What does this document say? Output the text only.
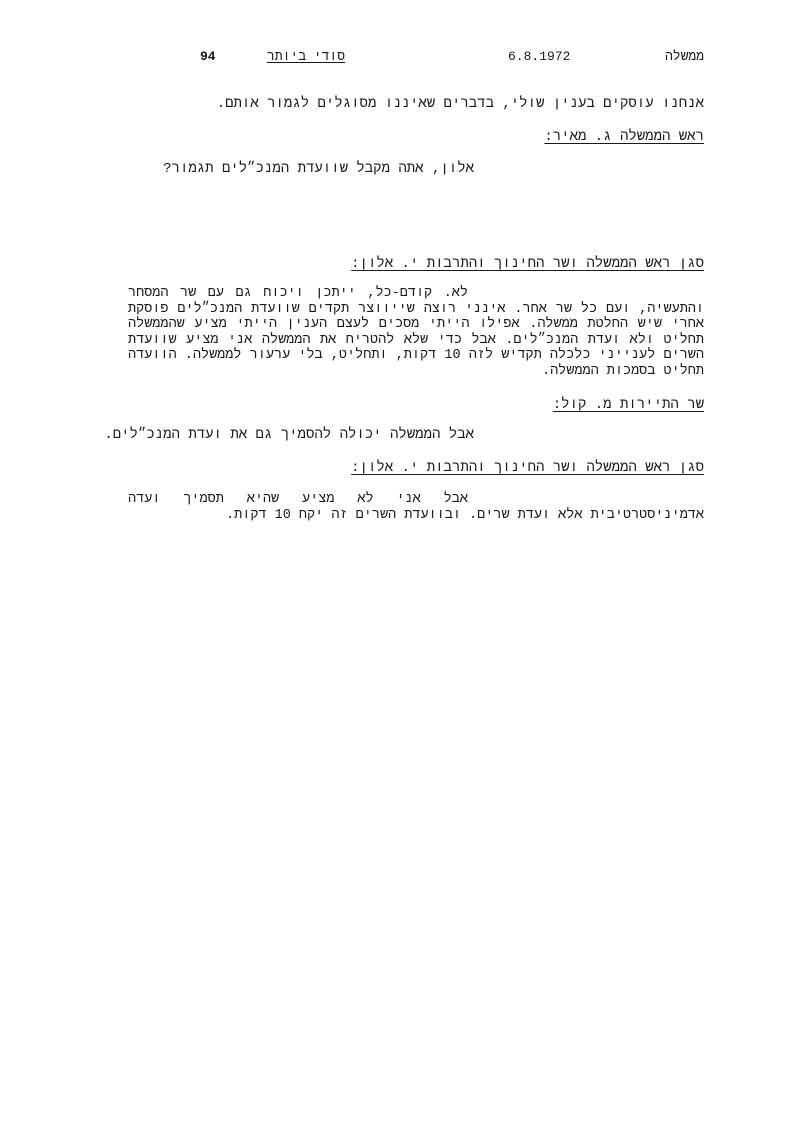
ממשלה
6.8.1972
סודי ביותר
94
אנחנו עוסקים בענין שולי, בדברים שאיננו מסוגלים לגמור אותם.
ראש הממשלה ג. מאיר:
אלון, אתה מקבל שוועדת המנכ״לים תגמור?
סגן ראש הממשלה ושר החינוך והתרבות י. אלון:
לא. קודם-כל, ייתכן ויכוח גם עם שר המסחר
והתעשיה, ועם כל שר אחר. אינני רוצה שייווצר תקדים שוועדת המנכ״לים פוסקת
אחרי שיש החלטת ממשלה. אפילו הייתי מסכים לעצם הענין הייתי מציע שהממשלה
תחליט ולא ועדת המנכ״לים. אבל כדי שלא להטריח את הממשלה אני מציע שוועדת
השרים לענייני כלכלה תקדיש לזה 10 דקות, ותחליט, בלי ערעור לממשלה. הוועדה
תחליט בסמכות הממשלה.
שר התיירות מ. קול:
אבל הממשלה יכולה להסמיך גם את ועדת המנכ״לים.
סגן ראש הממשלה ושר החינוך והתרבות י. אלון:
אבל אני לא מציע שהיא תסמיך ועדה
אדמיניסטרטיבית אלא ועדת שרים. ובוועדת השרים זה יקח 10 דקות.
